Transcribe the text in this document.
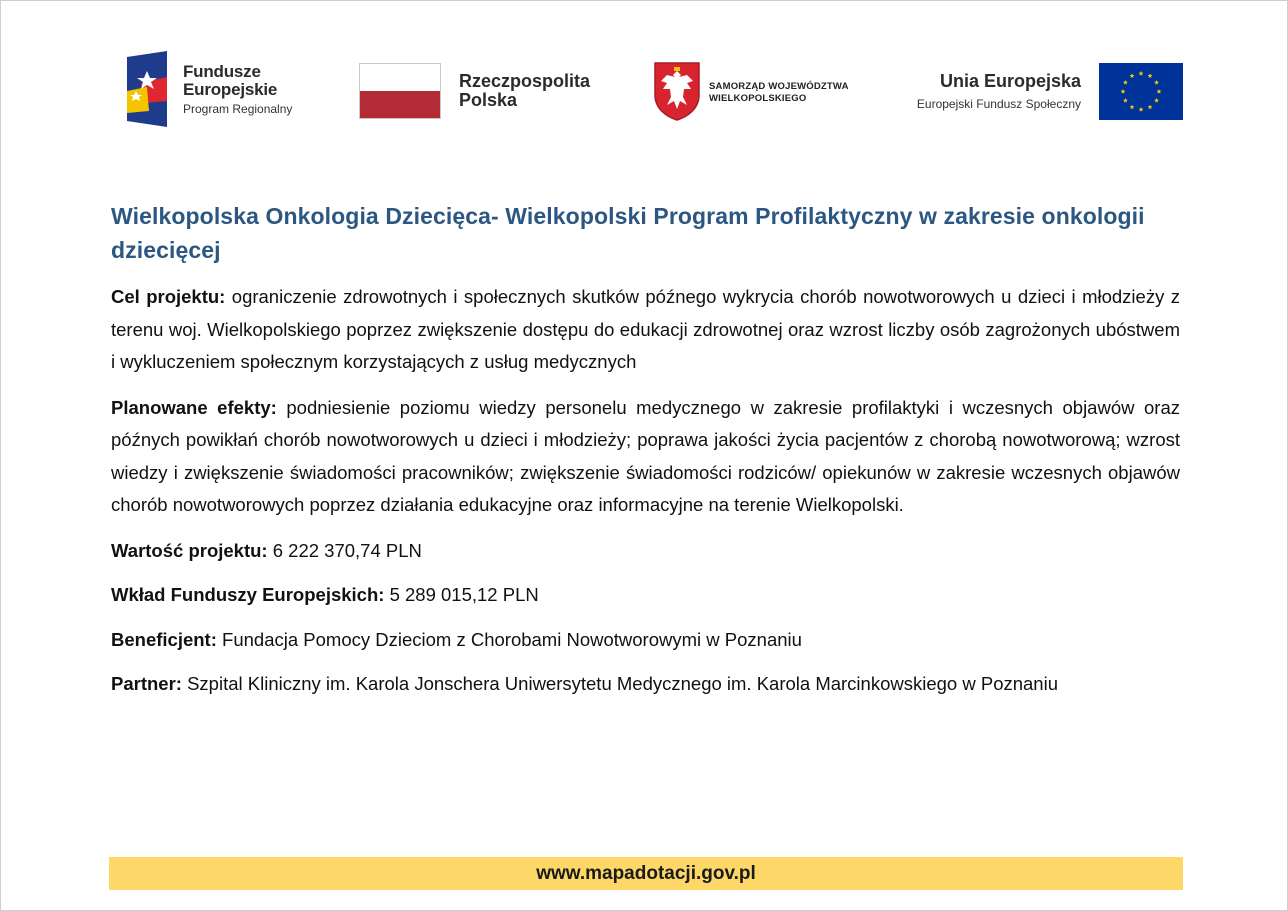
Fundusze
Europejskie
Program Regionalny
Rzeczpospolita
Polska
SAMORZĄD WOJEWÓDZTWA
WIELKOPOLSKIEGO
Unia Europejska
Europejski Fundusz Społeczny
Wielkopolska Onkologia Dziecięca- Wielkopolski Program Profilaktyczny w zakresie onkologii dziecięcej

Cel projektu: ograniczenie zdrowotnych i społecznych skutków późnego wykrycia chorób nowotworowych u dzieci i młodzieży z terenu woj. Wielkopolskiego poprzez zwiększenie dostępu do edukacji zdrowotnej oraz wzrost liczby osób zagrożonych ubóstwem i wykluczeniem społecznym korzystających z usług medycznych

Planowane efekty: podniesienie poziomu wiedzy personelu medycznego w zakresie profilaktyki i wczesnych objawów oraz późnych powikłań chorób nowotworowych u dzieci i młodzieży; poprawa jakości życia pacjentów z chorobą nowotworową; wzrost wiedzy i zwiększenie świadomości pracowników; zwiększenie świadomości rodziców/ opiekunów w zakresie wczesnych objawów chorób nowotworowych poprzez działania edukacyjne oraz informacyjne na terenie Wielkopolski.

Wartość projektu: 6 222 370,74 PLN

Wkład Funduszy Europejskich: 5 289 015,12 PLN

Beneficjent: Fundacja Pomocy Dzieciom z Chorobami Nowotworowymi w Poznaniu

Partner: Szpital Kliniczny im. Karola Jonschera Uniwersytetu Medycznego im. Karola Marcinkowskiego w Poznaniu

www.mapadotacji.gov.pl
